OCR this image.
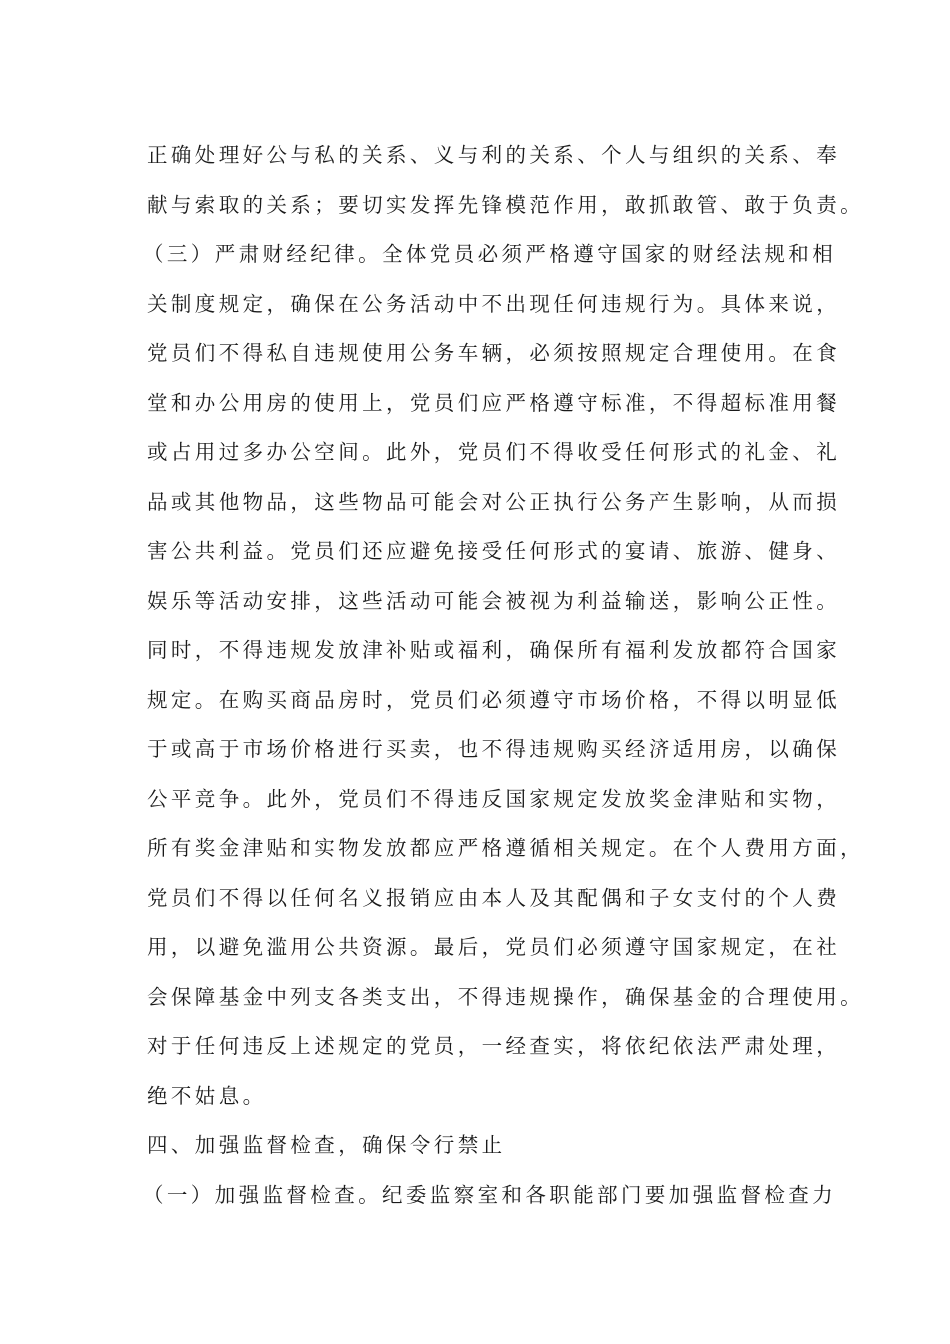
正确处理好公与私的关系、义与利的关系、个人与组织的关系、奉
献与索取的关系；要切实发挥先锋模范作用，敢抓敢管、敢于负责。
（三）严肃财经纪律。全体党员必须严格遵守国家的财经法规和相
关制度规定，确保在公务活动中不出现任何违规行为。具体来说，
党员们不得私自违规使用公务车辆，必须按照规定合理使用。在食
堂和办公用房的使用上，党员们应严格遵守标准，不得超标准用餐
或占用过多办公空间。此外，党员们不得收受任何形式的礼金、礼
品或其他物品，这些物品可能会对公正执行公务产生影响，从而损
害公共利益。党员们还应避免接受任何形式的宴请、旅游、健身、
娱乐等活动安排，这些活动可能会被视为利益输送，影响公正性。
同时，不得违规发放津补贴或福利，确保所有福利发放都符合国家
规定。在购买商品房时，党员们必须遵守市场价格，不得以明显低
于或高于市场价格进行买卖，也不得违规购买经济适用房，以确保
公平竞争。此外，党员们不得违反国家规定发放奖金津贴和实物，
所有奖金津贴和实物发放都应严格遵循相关规定。在个人费用方面，
党员们不得以任何名义报销应由本人及其配偶和子女支付的个人费
用，以避免滥用公共资源。最后，党员们必须遵守国家规定，在社
会保障基金中列支各类支出，不得违规操作，确保基金的合理使用。
对于任何违反上述规定的党员，一经查实，将依纪依法严肃处理，
绝不姑息。
四、加强监督检查，确保令行禁止
（一）加强监督检查。纪委监察室和各职能部门要加强监督检查力
